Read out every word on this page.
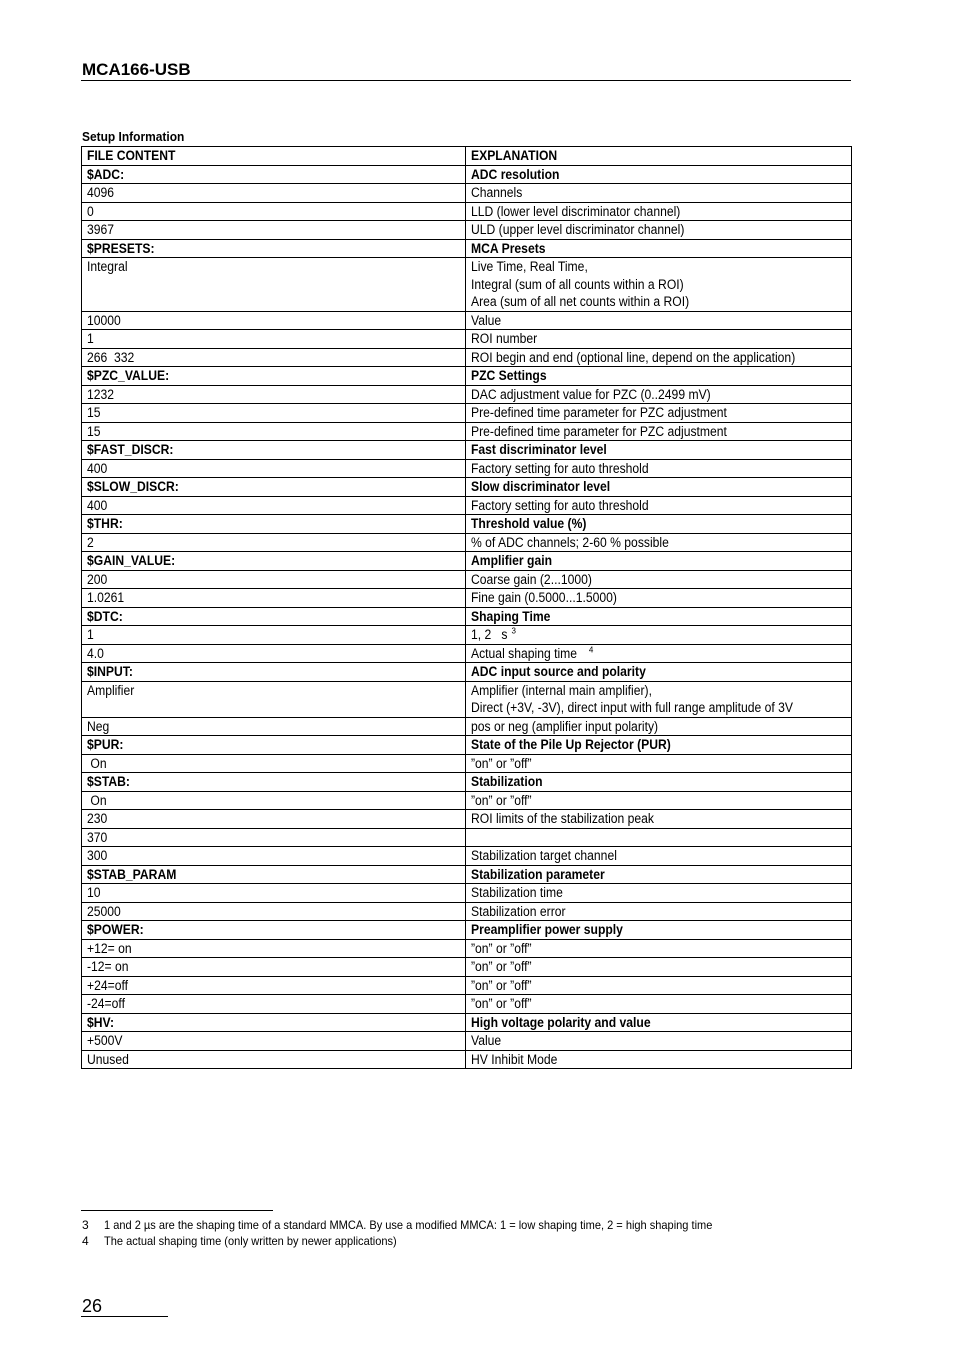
MCA166-USB
Setup Information
FILE CONTENT	EXPLANATION
$ADC:	ADC resolution
4096	Channels
0	LLD (lower level discriminator channel)
3967	ULD (upper level discriminator channel)
$PRESETS:	MCA Presets
Integral	Live Time, Real Time,
Integral (sum of all counts within a ROI)
Area (sum of all net counts within a ROI)
10000	Value
1	ROI number
266  332	ROI begin and end (optional line, depend on the application)
$PZC_VALUE:	PZC Settings
1232	DAC adjustment value for PZC (0..2499 mV)
15	Pre-defined time parameter for PZC adjustment
15	Pre-defined time parameter for PZC adjustment
$FAST_DISCR:	Fast discriminator level
400	Factory setting for auto threshold
$SLOW_DISCR:	Slow discriminator level
400	Factory setting for auto threshold
$THR:	Threshold value (%)
2	% of ADC channels; 2-60 % possible
$GAIN_VALUE:	Amplifier gain
200	Coarse gain (2...1000)
1.0261	Fine gain (0.5000...1.5000)
$DTC:	Shaping Time
1	1, 2   s $^3$
4.0	Actual shaping time $^4$
$INPUT:	ADC input source and polarity
Amplifier	Amplifier (internal main amplifier),
Direct (+3V, -3V), direct input with full range amplitude of 3V
Neg	pos or neg (amplifier input polarity)
$PUR:	State of the Pile Up Rejector (PUR)
On	”on” or ”off”
$STAB:	Stabilization
On	”on” or ”off”
230	ROI limits of the stabilization peak
370	
300	Stabilization target channel
$STAB_PARAM	Stabilization parameter
10	Stabilization time
25000	Stabilization error
$POWER:	Preamplifier power supply
+12= on	”on” or ”off”
-12= on	”on” or ”off”
+24=off	”on” or ”off”
-24=off	”on” or ”off”
$HV:	High voltage polarity and value
+500V	Value
Unused	HV Inhibit Mode
3 1 and 2 µs are the shaping time of a standard MMCA. By use a modified MMCA: 1 = low shaping time, 2 = high shaping time
4 The actual shaping time (only written by newer applications)
26
